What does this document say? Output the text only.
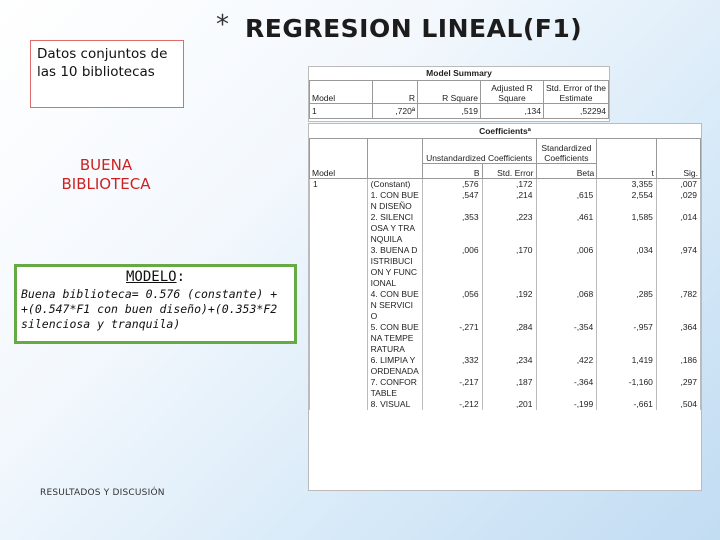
Datos conjuntos de las 10 bibliotecas
* REGRESION LINEAL(F1)
BUENA
BIBLIOTECA
MODELO:
Buena biblioteca= 0.576 (constante) + +(0.547*F1 con buen diseño)+(0.353*F2 silenciosa y tranquila)
RESULTADOS Y DISCUSIÓN
Model Summary
Model	R	R Square	Adjusted R Square	Std. Error of the Estimate
1	,720ª	,519	,134	,52294
Coefficientsª
Model		Unstandardized Coefficients		Standardized Coefficients	t	Sig.
		B	Std. Error	Beta		
1	(Constant)	,576	,172		3,355	,007
	1. CON BUEN DISEÑO	,547	,214	,615	2,554	,029
	2. SILENCIOSA Y TRANQUILA	,353	,223	,461	1,585	,014
	3. BUENA DISTRIBUCION Y FUNCIONAL	,006	,170	,006	,034	,974
	4. CON BUEN SERVICIO	,056	,192	,068	,285	,782
	5. CON BUENA TEMPERATURA	-,271	,284	-,354	-,957	,364
	6. LIMPIA Y ORDENADA	,332	,234	,422	1,419	,186
	7. CONFORTABLE	-,217	,187	-,364	-1,160	,297
	8. VISUAL	-,212	,201	-,199	-,661	,504
